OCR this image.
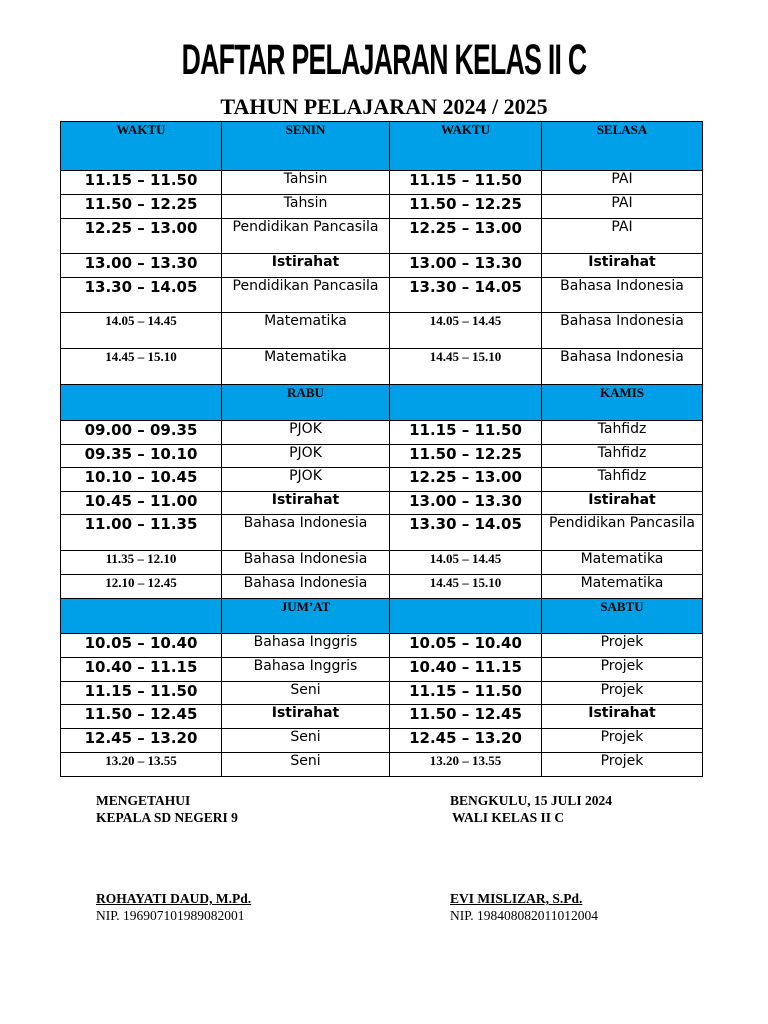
DAFTAR PELAJARAN KELAS II C
TAHUN PELAJARAN 2024 / 2025
WAKTU	SENIN	WAKTU	SELASA
11.15 – 11.50	Tahsin	11.15 – 11.50	PAI
11.50 – 12.25	Tahsin	11.50 – 12.25	PAI
12.25 – 13.00	Pendidikan Pancasila	12.25 – 13.00	PAI
13.00 – 13.30	Istirahat	13.00 – 13.30	Istirahat
13.30 – 14.05	Pendidikan Pancasila	13.30 – 14.05	Bahasa Indonesia
14.05 – 14.45	Matematika	14.05 – 14.45	Bahasa Indonesia
14.45 – 15.10	Matematika	14.45 – 15.10	Bahasa Indonesia
	RABU		KAMIS
09.00 – 09.35	PJOK	11.15 – 11.50	Tahfidz
09.35 – 10.10	PJOK	11.50 – 12.25	Tahfidz
10.10 – 10.45	PJOK	12.25 – 13.00	Tahfidz
10.45 – 11.00	Istirahat	13.00 – 13.30	Istirahat
11.00 – 11.35	Bahasa Indonesia	13.30 – 14.05	Pendidikan Pancasila
11.35 – 12.10	Bahasa Indonesia	14.05 – 14.45	Matematika
12.10 – 12.45	Bahasa Indonesia	14.45 – 15.10	Matematika
	JUM’AT		SABTU
10.05 – 10.40	Bahasa Inggris	10.05 – 10.40	Projek
10.40 – 11.15	Bahasa Inggris	10.40 – 11.15	Projek
11.15 – 11.50	Seni	11.15 – 11.50	Projek
11.50 – 12.45	Istirahat	11.50 – 12.45	Istirahat
12.45 – 13.20	Seni	12.45 – 13.20	Projek
13.20 – 13.55	Seni	13.20 – 13.55	Projek
MENGETAHUI
KEPALA SD NEGERI 9
ROHAYATI DAUD, M.Pd.
NIP. 196907101989082001
BENGKULU, 15 JULI 2024
WALI KELAS II C
EVI MISLIZAR, S.Pd.
NIP. 198408082011012004
